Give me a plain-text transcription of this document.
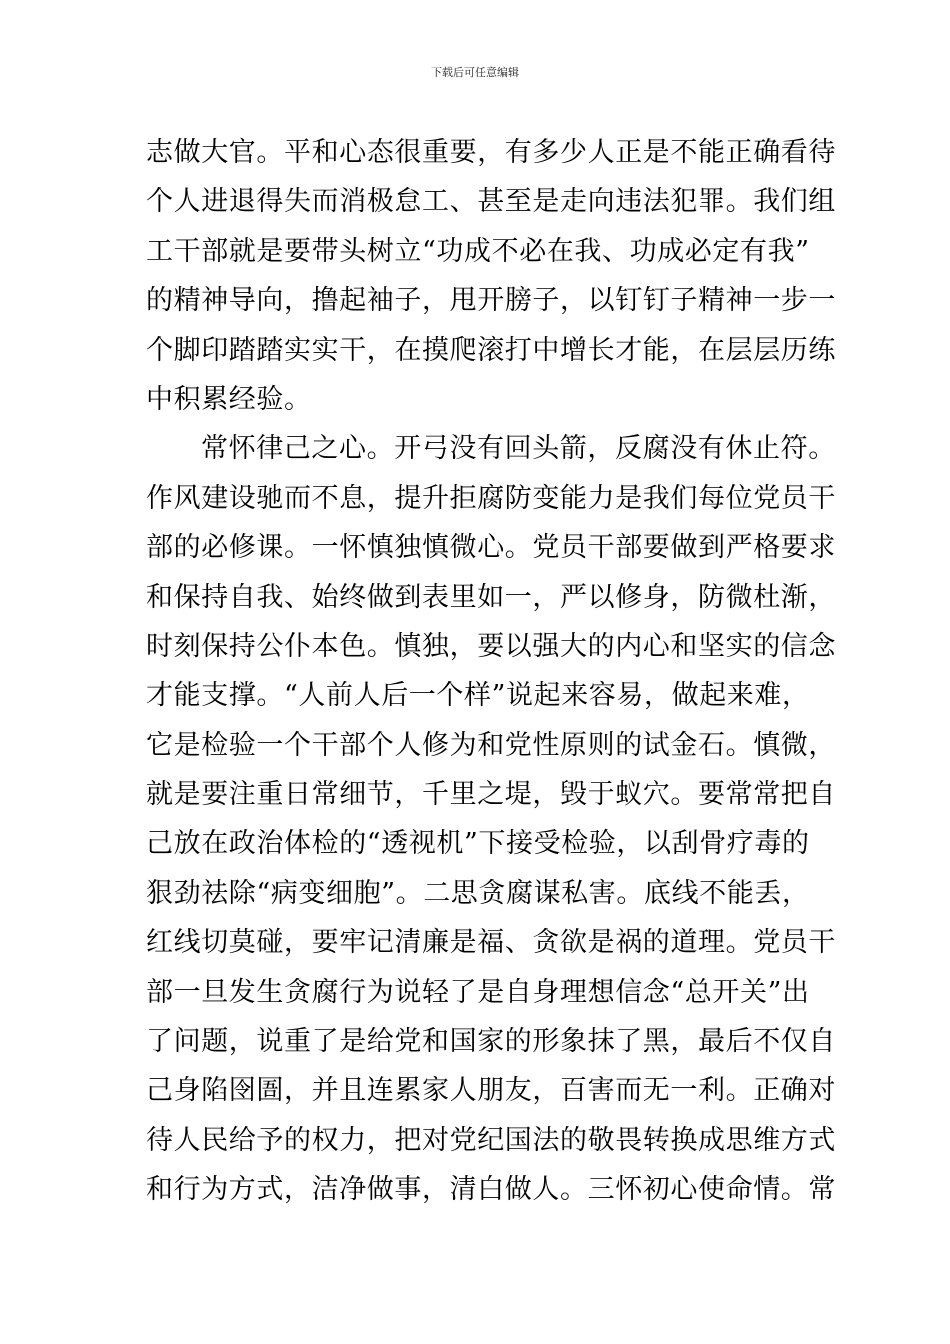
下载后可任意编辑
志做大官。平和心态很重要，有多少人正是不能正确看待
个人进退得失而消极怠工、甚至是走向违法犯罪。我们组
工干部就是要带头树立“功成不必在我、功成必定有我”
的精神导向，撸起袖子，甩开膀子，以钉钉子精神一步一
个脚印踏踏实实干，在摸爬滚打中增长才能，在层层历练
中积累经验。
常怀律己之心。开弓没有回头箭，反腐没有休止符。
作风建设驰而不息，提升拒腐防变能力是我们每位党员干
部的必修课。一怀慎独慎微心。党员干部要做到严格要求
和保持自我、始终做到表里如一，严以修身，防微杜渐，
时刻保持公仆本色。慎独，要以强大的内心和坚实的信念
才能支撑。“人前人后一个样”说起来容易，做起来难，
它是检验一个干部个人修为和党性原则的试金石。慎微，
就是要注重日常细节，千里之堤，毁于蚁穴。要常常把自
己放在政治体检的“透视机”下接受检验，以刮骨疗毒的
狠劲祛除“病变细胞”。二思贪腐谋私害。底线不能丢，
红线切莫碰，要牢记清廉是福、贪欲是祸的道理。党员干
部一旦发生贪腐行为说轻了是自身理想信念“总开关”出
了问题，说重了是给党和国家的形象抹了黑，最后不仅自
己身陷囹圄，并且连累家人朋友，百害而无一利。正确对
待人民给予的权力，把对党纪国法的敬畏转换成思维方式
和行为方式，洁净做事，清白做人。三怀初心使命情。常
